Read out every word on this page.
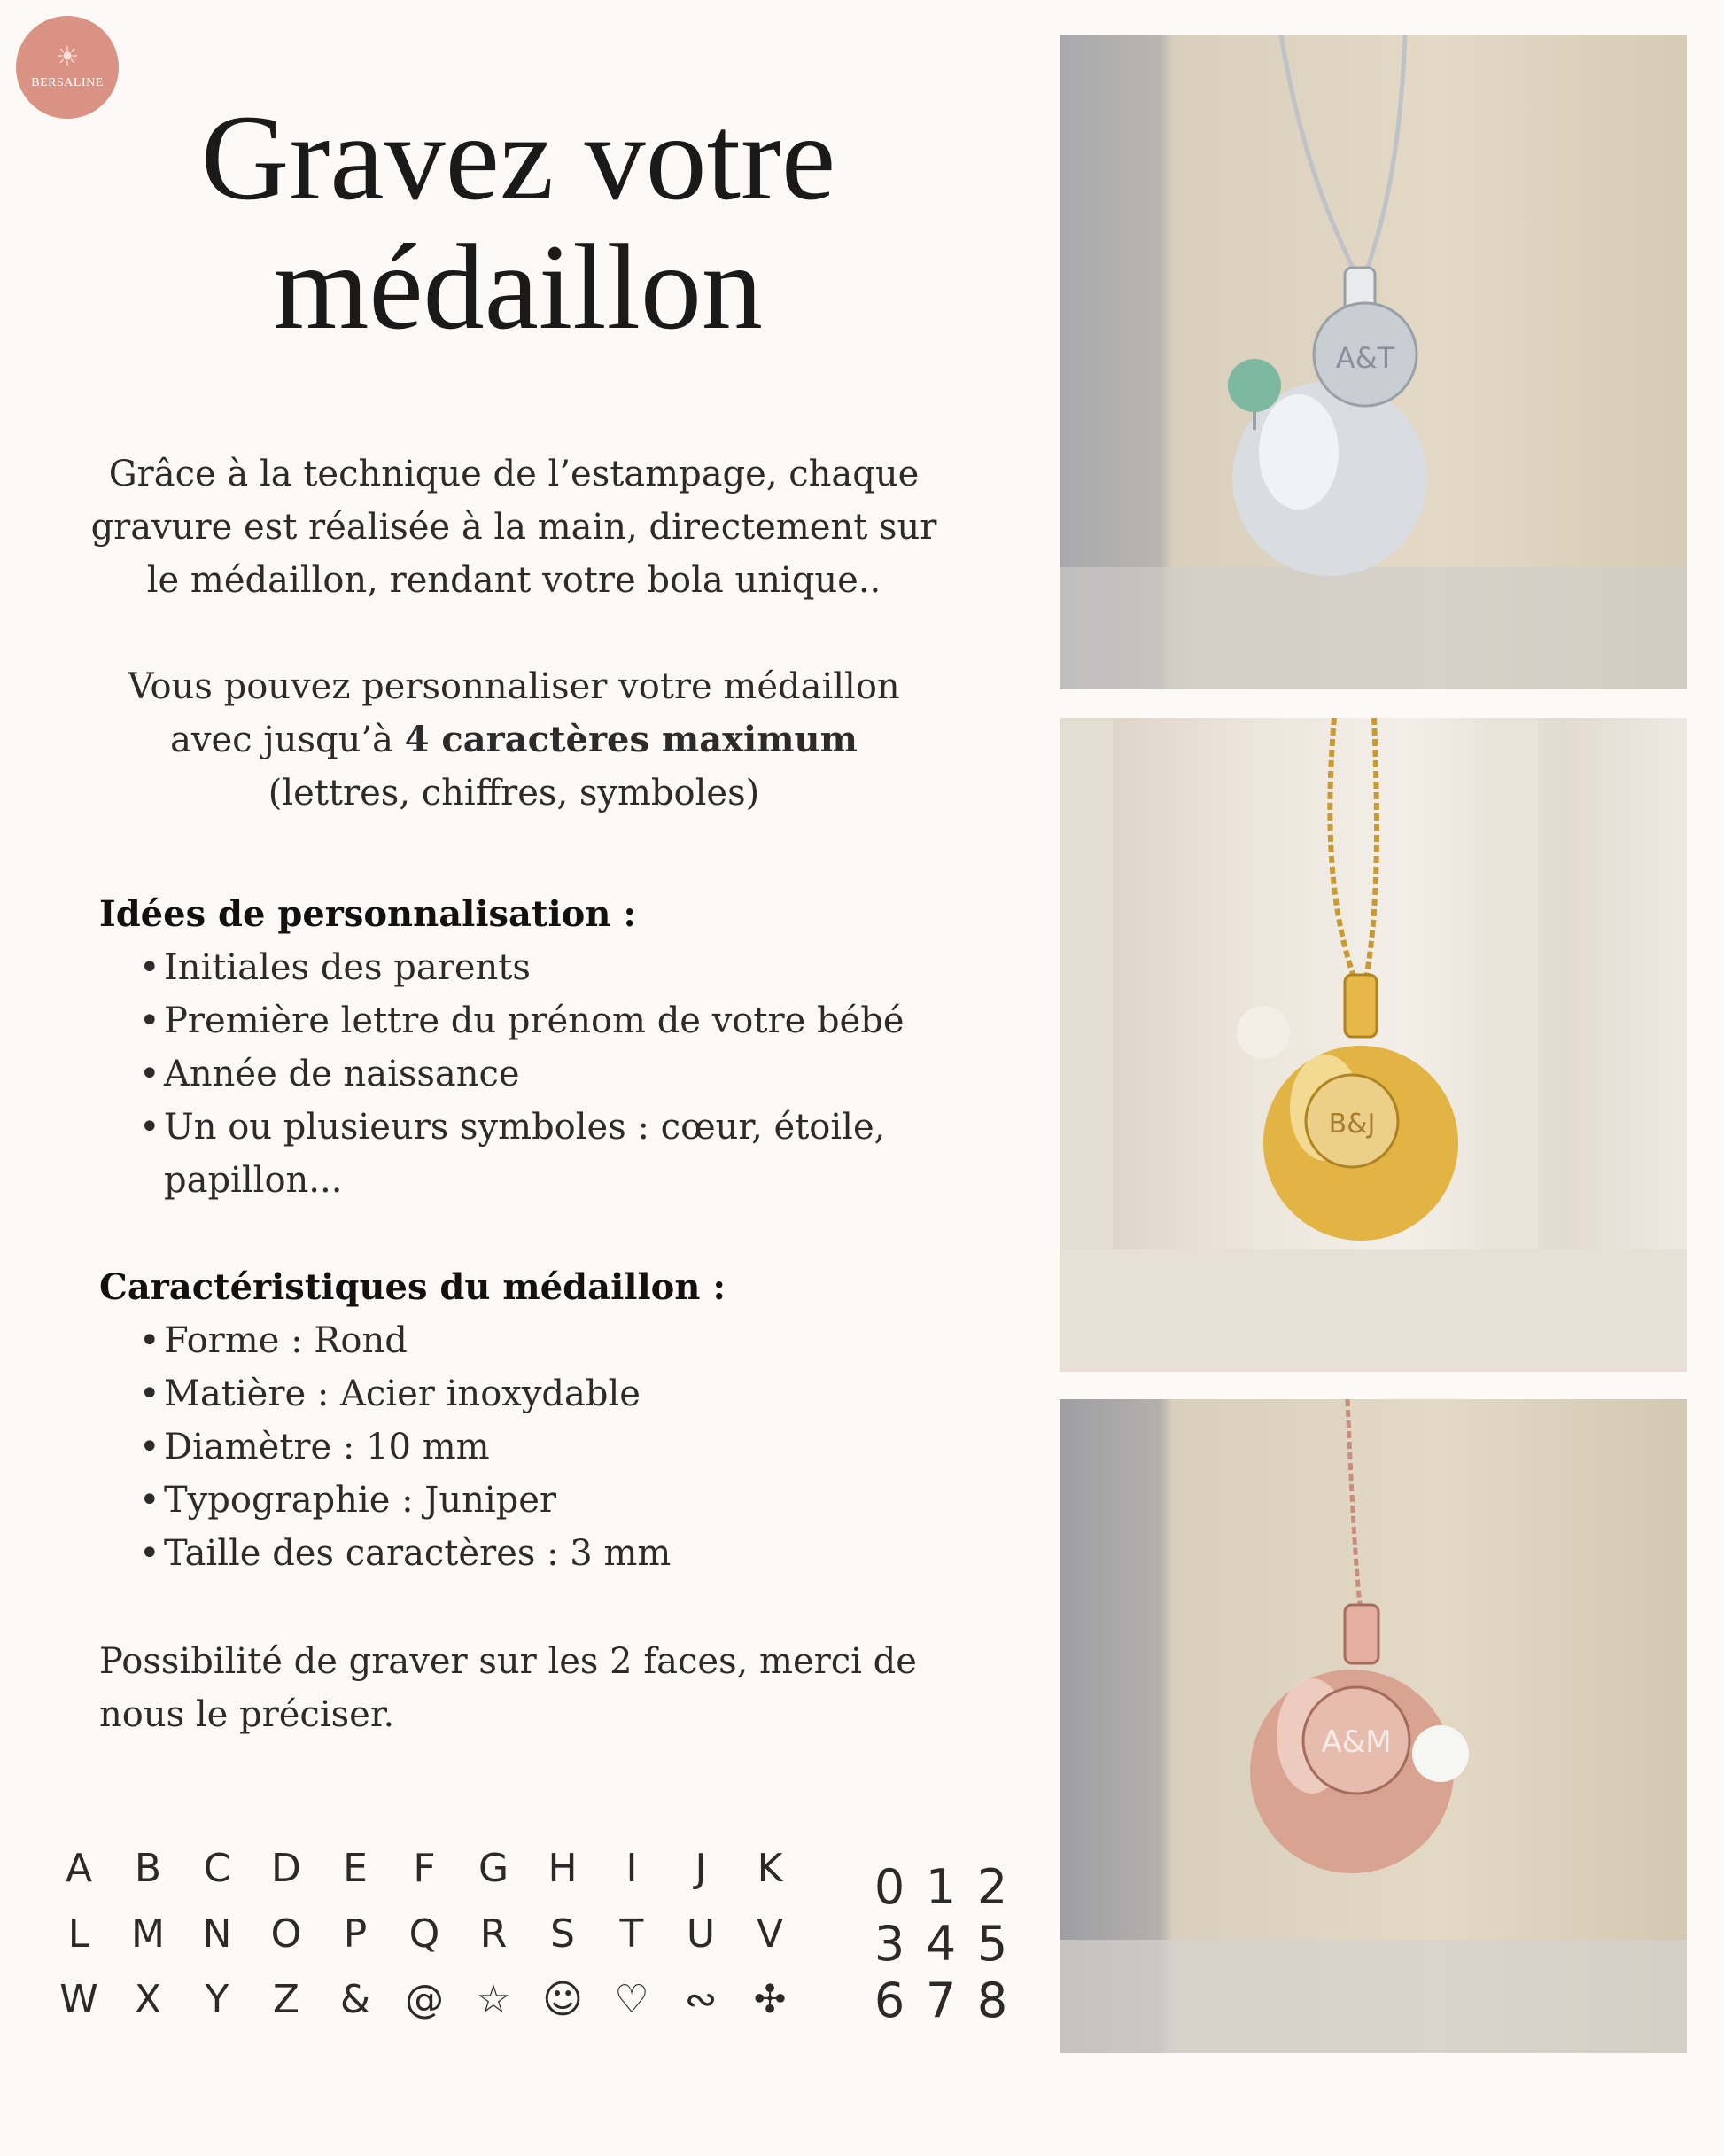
☀
BERSALINE
Gravez votre
médaillon

Grâce à la technique de l’estampage, chaque

gravure est réalisée à la main, directement sur

le médaillon, rendant votre bola unique..

Vous pouvez personnaliser votre médaillon

avec jusqu’à 4 caractères maximum

(lettres, chiffres, symboles)

Idées de personnalisation :
• Initiales des parents
• Première lettre du prénom de votre bébé
• Année de naissance
• Un ou plusieurs symboles : cœur, étoile,
papillon...
Caractéristiques du médaillon :
• Forme : Rond
• Matière : Acier inoxydable
• Diamètre : 10 mm
• Typographie : Juniper
• Taille des caractères : 3 mm
Possibilité de graver sur les 2 faces, merci de
nous le préciser.
A	B	C	D	E	F	G	H	I	J	K
L	M N	O	P	Q	R	S	T	U	V
W X	Y	Z	& @ ☆ ☺ ♡ ∾ ✣
0 1 2
3 4 5
6 7 8
A&T
B&J
A&M
